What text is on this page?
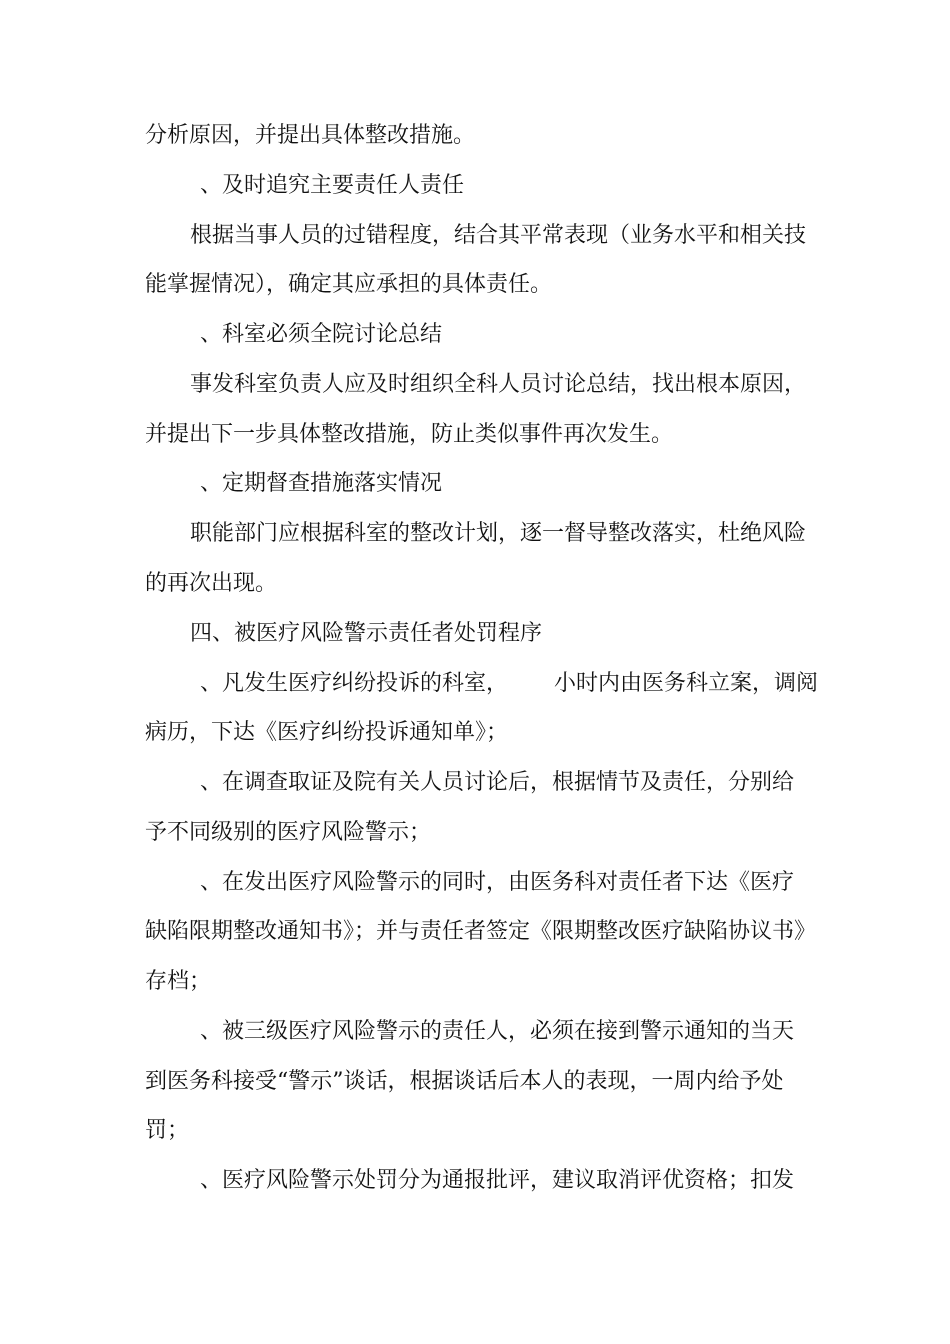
分析原因，并提出具体整改措施。
、及时追究主要责任人责任
根据当事人员的过错程度，结合其平常表现（业务水平和相关技
能掌握情况），确定其应承担的具体责任。
、科室必须全院讨论总结
事发科室负责人应及时组织全科人员讨论总结，找出根本原因，
并提出下一步具体整改措施，防止类似事件再次发生。
、定期督查措施落实情况
职能部门应根据科室的整改计划，逐一督导整改落实，杜绝风险
的再次出现。
四、被医疗风险警示责任者处罚程序
、凡发生医疗纠纷投诉的科室， 小时内由医务科立案，调阅
病历，下达《医疗纠纷投诉通知单》；
、在调查取证及院有关人员讨论后，根据情节及责任，分别给
予不同级别的医疗风险警示；
、在发出医疗风险警示的同时，由医务科对责任者下达《医疗
缺陷限期整改通知书》；并与责任者签定《限期整改医疗缺陷协议书》
存档；
、被三级医疗风险警示的责任人，必须在接到警示通知的当天
到医务科接受“警示”谈话，根据谈话后本人的表现，一周内给予处
罚；
、医疗风险警示处罚分为通报批评，建议取消评优资格；扣发
